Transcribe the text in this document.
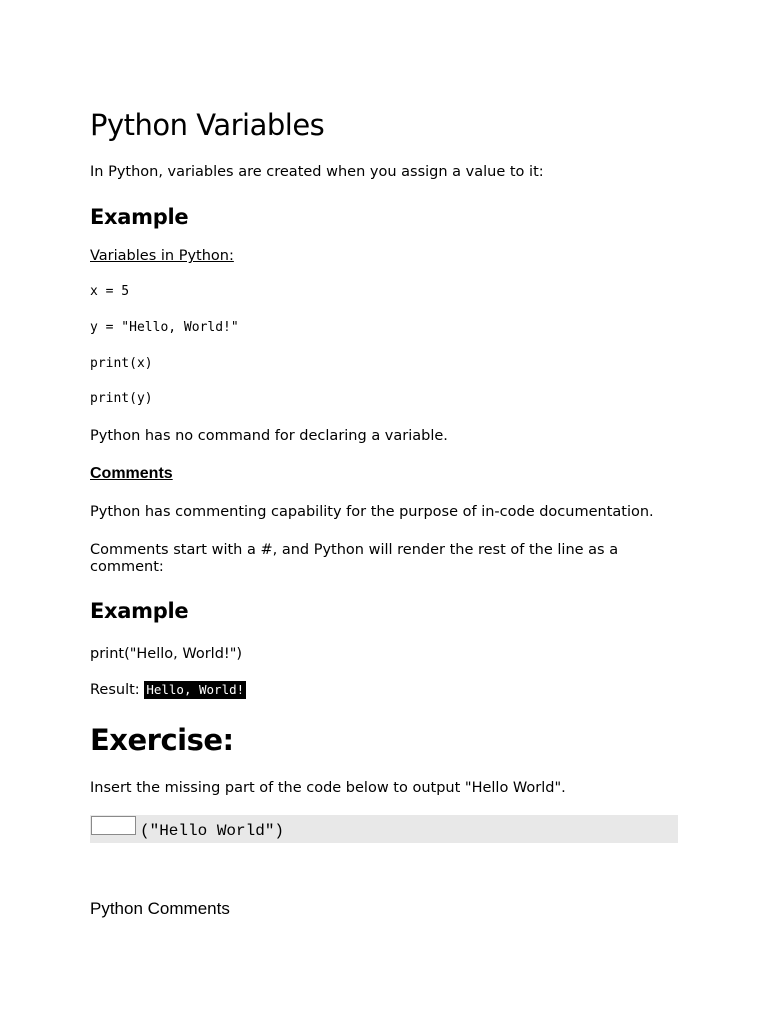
Python Variables

In Python, variables are created when you assign a value to it:

Example

Variables in Python:

x = 5

y = "Hello, World!"

print(x)

print(y)

Python has no command for declaring a variable.

Comments

Python has commenting capability for the purpose of in-code documentation.

Comments start with a #, and Python will render the rest of the line as a

comment:

Example

print("Hello, World!")

Result: Hello, World!

Exercise:

Insert the missing part of the code below to output "Hello World".

("Hello World")

Python Comments
